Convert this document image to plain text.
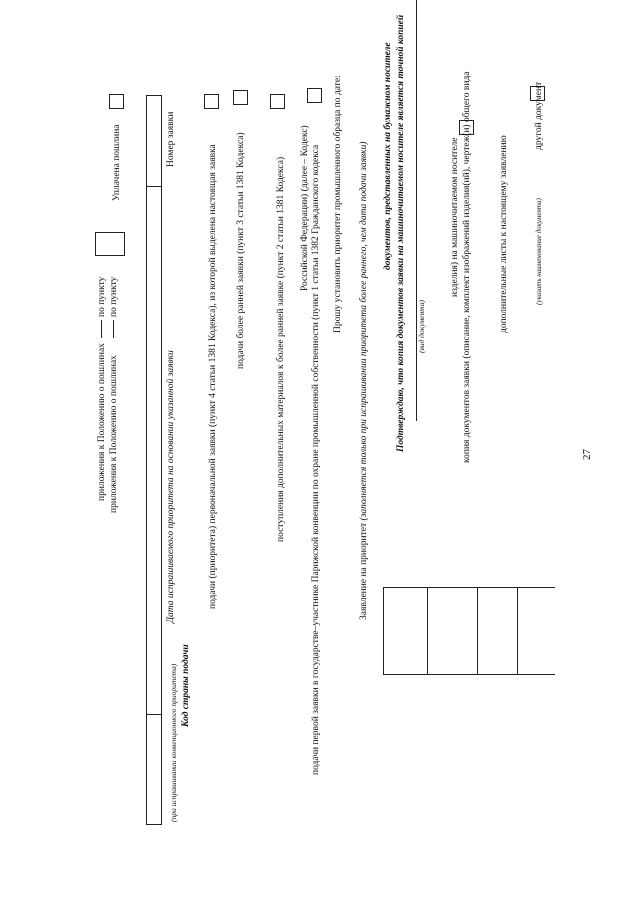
27
(указать наименование документа)
другой документ
дополнительные листы к настоящему заявлению
копия документов заявки (описание, комплект изображений изделия(ий), чертеж(и) общего вида
изделия) на машиночитаемом носителе
(вид документа)
Подтверждаю, что копия документов заявки на машиночитаемом носителе является точной копией
документов, представленных на бумажном носителе
Заявление на приоритет (заполняется только при испрашивании приоритета более раннего, чем дата подачи заявки)
Прошу установить приоритет промышленного образца по дате:
подачи первой заявки в государстве–участнике Парижской конвенции по охране промышленной собственности (пункт 1 статьи 1382 Гражданского кодекса
Российской Федерации) (далее – Кодекс)
поступления дополнительных материалов к более ранней заявке (пункт 2 статьи 1381 Кодекса)
подачи более ранней заявки (пункт 3 статьи 1381 Кодекса)
подачи (приоритета) первоначальной заявки (пункт 4 статьи 1381 Кодекса), из которой выделена настоящая заявка
Номер заявки
Дата испрашиваемого приоритета на основании указанной заявки
Код страны подачи
(при испрашивании конвенционного приоритета)
Уплачена пошлина
по пункту
приложения к Положению о пошлинах
по пункту
приложения к Положению о пошлинах
